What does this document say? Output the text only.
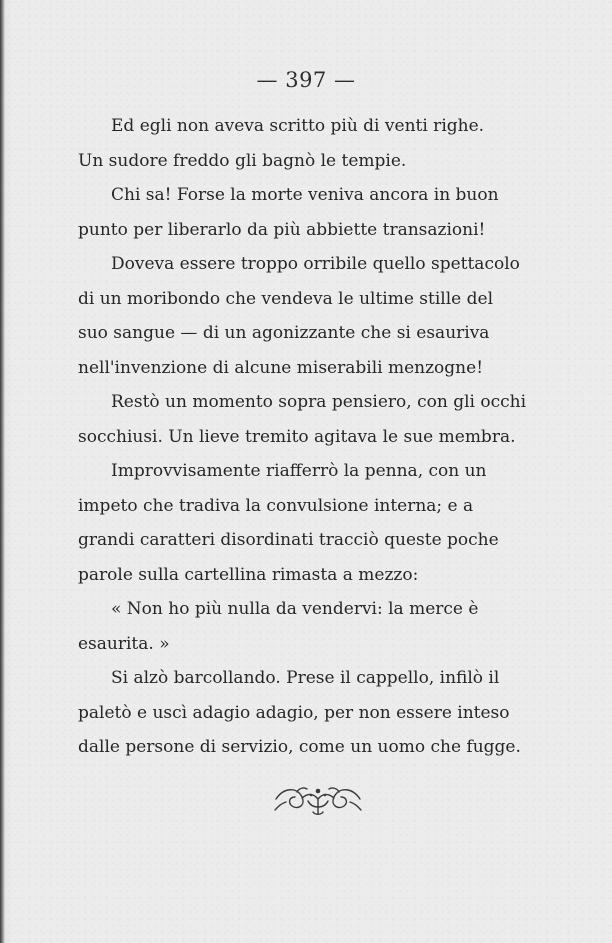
— 397 —

Ed egli non aveva scritto più di venti righe.
Un sudore freddo gli bagnò le tempie.

Chi sa! Forse la morte veniva ancora in buon
punto per liberarlo da più abbiette transazioni!

Doveva essere troppo orribile quello spettacolo
di un moribondo che vendeva le ultime stille del
suo sangue — di un agonizzante che si esauriva
nell'invenzione di alcune miserabili menzogne!

Restò un momento sopra pensiero, con gli occhi
socchiusi. Un lieve tremito agitava le sue membra.

Improvvisamente riafferrò la penna, con un
impeto che tradiva la convulsione interna; e a
grandi caratteri disordinati tracciò queste poche
parole sulla cartellina rimasta a mezzo:

« Non ho più nulla da vendervi: la merce è
esaurita. »

Si alzò barcollando. Prese il cappello, infilò il
paletò e uscì adagio adagio, per non essere inteso
dalle persone di servizio, come un uomo che fugge.
